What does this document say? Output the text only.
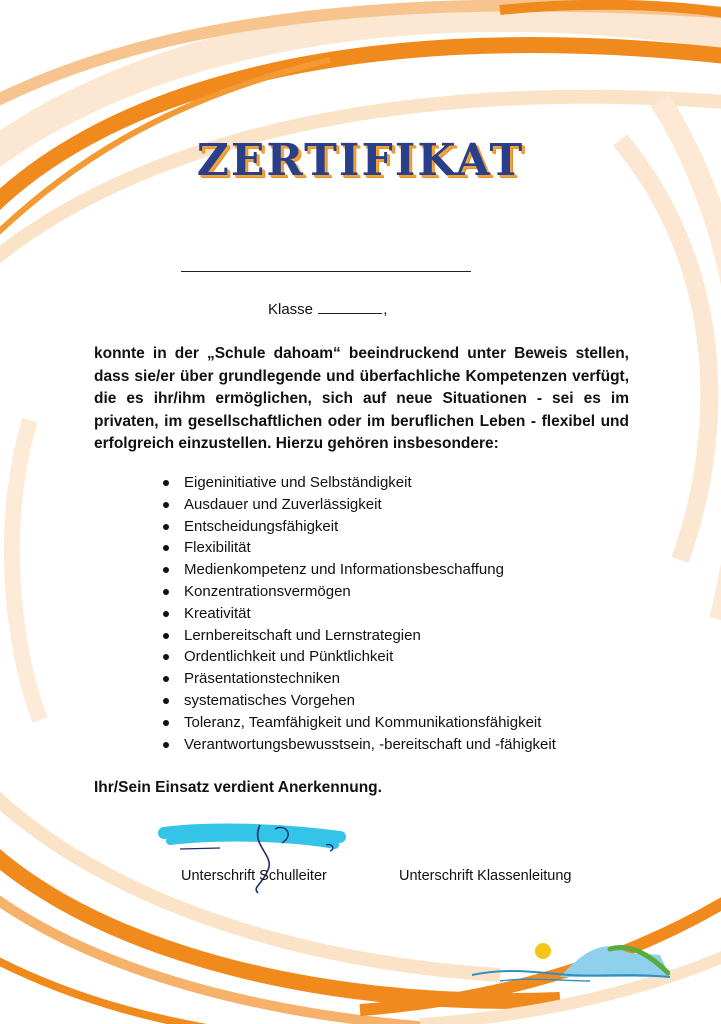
ZERTIFIKAT
Klasse	,
konnte in der „Schule dahoam“ beeindruckend unter Beweis stellen, dass sie/er über grundlegende und überfachliche Kompetenzen verfügt, die es ihr/ihm ermöglichen, sich auf neue Situationen - sei es im privaten, im gesellschaftlichen oder im beruflichen Leben - flexibel und erfolgreich einzustellen. Hierzu gehören insbesondere:
Eigeninitiative und Selbständigkeit
Ausdauer und Zuverlässigkeit
Entscheidungsfähigkeit
Flexibilität
Medienkompetenz und Informationsbeschaffung
Konzentrationsvermögen
Kreativität
Lernbereitschaft und Lernstrategien
Ordentlichkeit und Pünktlichkeit
Präsentationstechniken
systematisches Vorgehen
Toleranz, Teamfähigkeit und Kommunikationsfähigkeit
Verantwortungsbewusstsein, -bereitschaft und -fähigkeit
Ihr/Sein Einsatz verdient Anerkennung.
Unterschrift Schulleiter	Unterschrift Klassenleitung
